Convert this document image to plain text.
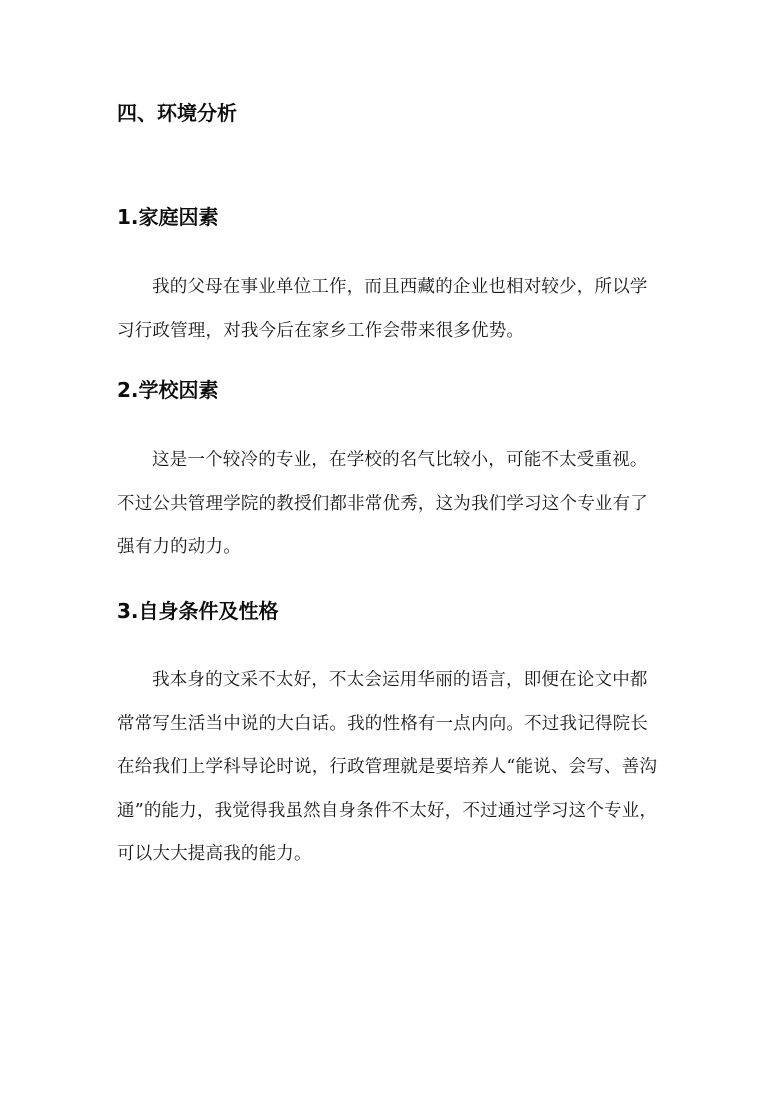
四、环境分析
1.家庭因素

我的父母在事业单位工作，而且西藏的企业也相对较少，所以学习行政管理，对我今后在家乡工作会带来很多优势。

2.学校因素

这是一个较冷的专业，在学校的名气比较小，可能不太受重视。不过公共管理学院的教授们都非常优秀，这为我们学习这个专业有了强有力的动力。

3.自身条件及性格

我本身的文采不太好，不太会运用华丽的语言，即便在论文中都常常写生活当中说的大白话。我的性格有一点内向。不过我记得院长在给我们上学科导论时说，行政管理就是要培养人“能说、会写、善沟通”的能力，我觉得我虽然自身条件不太好，不过通过学习这个专业，可以大大提高我的能力。
